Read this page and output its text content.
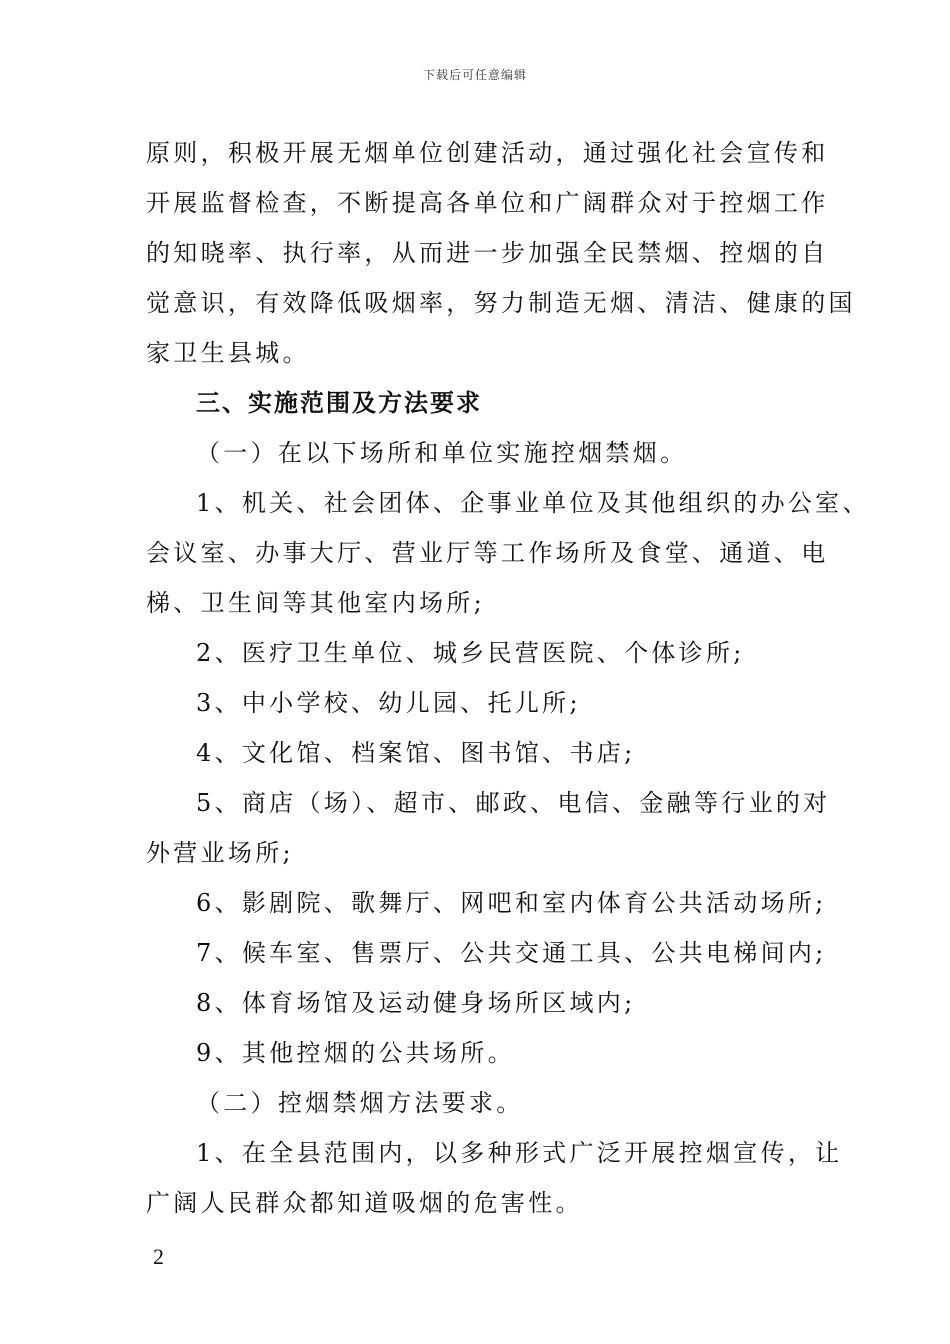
下载后可任意编辑
原则，积极开展无烟单位创建活动，通过强化社会宣传和
开展监督检查，不断提高各单位和广阔群众对于控烟工作
的知晓率、执行率，从而进一步加强全民禁烟、控烟的自
觉意识，有效降低吸烟率，努力制造无烟、清洁、健康的国
家卫生县城。
三、实施范围及方法要求
（一）在以下场所和单位实施控烟禁烟。
1、机关、社会团体、企事业单位及其他组织的办公室、
会议室、办事大厅、营业厅等工作场所及食堂、通道、电
梯、卫生间等其他室内场所;
2、医疗卫生单位、城乡民营医院、个体诊所;
3、中小学校、幼儿园、托儿所;
4、文化馆、档案馆、图书馆、书店;
5、商店（场）、超市、邮政、电信、金融等行业的对
外营业场所;
6、影剧院、歌舞厅、网吧和室内体育公共活动场所;
7、候车室、售票厅、公共交通工具、公共电梯间内;
8、体育场馆及运动健身场所区域内;
9、其他控烟的公共场所。
（二）控烟禁烟方法要求。
1、在全县范围内，以多种形式广泛开展控烟宣传，让
广阔人民群众都知道吸烟的危害性。
2
